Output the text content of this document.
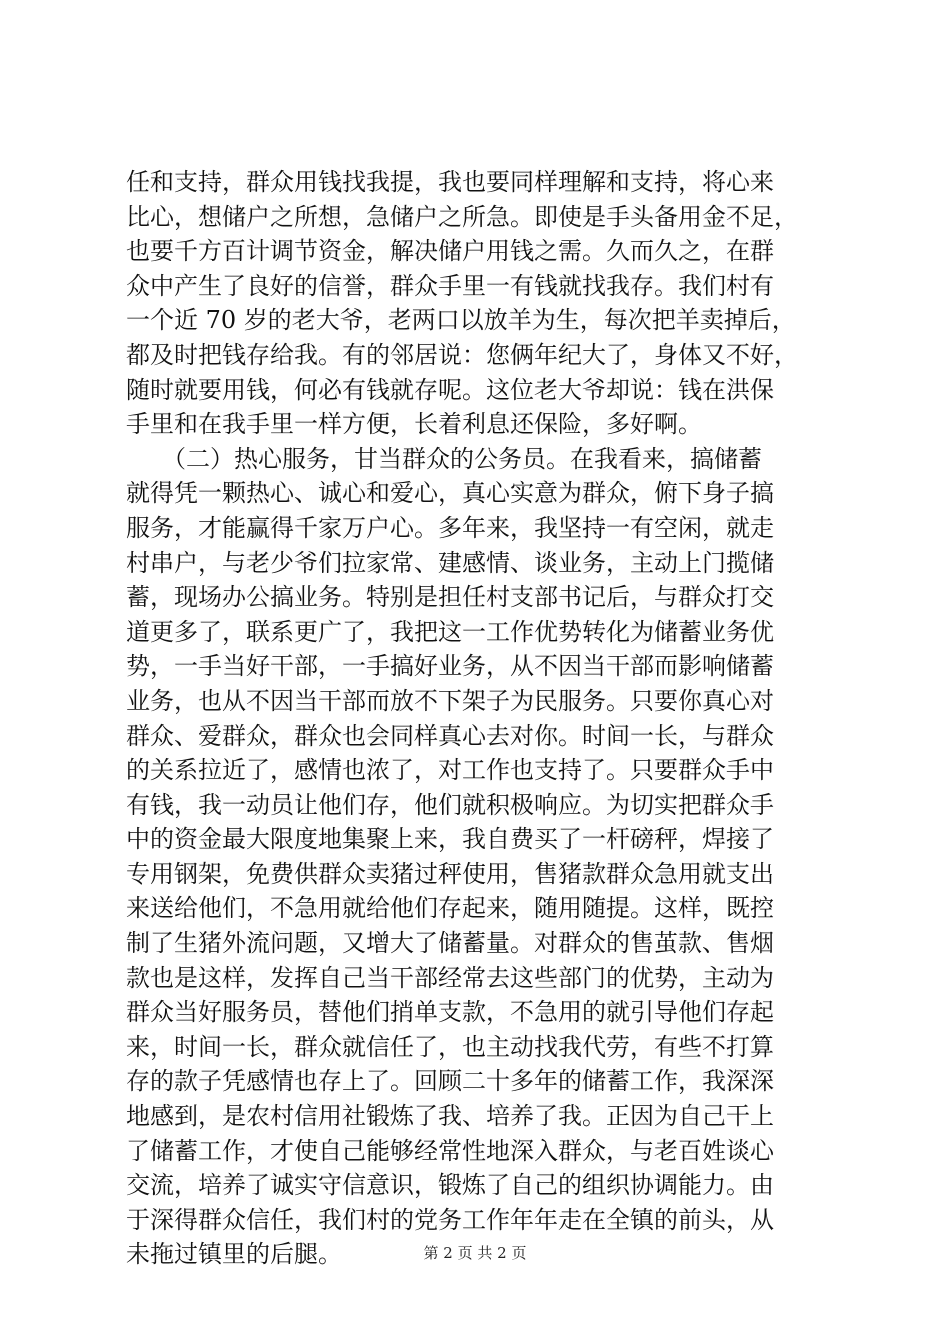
任和支持，群众用钱找我提，我也要同样理解和支持，将心来
比心，想储户之所想，急储户之所急。即使是手头备用金不足，
也要千方百计调节资金，解决储户用钱之需。久而久之，在群
众中产生了良好的信誉，群众手里一有钱就找我存。我们村有
一个近 70 岁的老大爷，老两口以放羊为生，每次把羊卖掉后，
都及时把钱存给我。有的邻居说：您俩年纪大了，身体又不好，
随时就要用钱，何必有钱就存呢。这位老大爷却说：钱在洪保
手里和在我手里一样方便，长着利息还保险，多好啊。
　　（二）热心服务，甘当群众的公务员。在我看来，搞储蓄
就得凭一颗热心、诚心和爱心，真心实意为群众，俯下身子搞
服务，才能赢得千家万户心。多年来，我坚持一有空闲，就走
村串户，与老少爷们拉家常、建感情、谈业务，主动上门揽储
蓄，现场办公搞业务。特别是担任村支部书记后，与群众打交
道更多了，联系更广了，我把这一工作优势转化为储蓄业务优
势，一手当好干部，一手搞好业务，从不因当干部而影响储蓄
业务，也从不因当干部而放不下架子为民服务。只要你真心对
群众、爱群众，群众也会同样真心去对你。时间一长，与群众
的关系拉近了，感情也浓了，对工作也支持了。只要群众手中
有钱，我一动员让他们存，他们就积极响应。为切实把群众手
中的资金最大限度地集聚上来，我自费买了一杆磅秤，焊接了
专用钢架，免费供群众卖猪过秤使用，售猪款群众急用就支出
来送给他们，不急用就给他们存起来，随用随提。这样，既控
制了生猪外流问题，又增大了储蓄量。对群众的售茧款、售烟
款也是这样，发挥自己当干部经常去这些部门的优势，主动为
群众当好服务员，替他们捎单支款，不急用的就引导他们存起
来，时间一长，群众就信任了，也主动找我代劳，有些不打算
存的款子凭感情也存上了。回顾二十多年的储蓄工作，我深深
地感到，是农村信用社锻炼了我、培养了我。正因为自己干上
了储蓄工作，才使自己能够经常性地深入群众，与老百姓谈心
交流，培养了诚实守信意识，锻炼了自己的组织协调能力。由
于深得群众信任，我们村的党务工作年年走在全镇的前头，从
未拖过镇里的后腿。	第 2 页 共 2 页
